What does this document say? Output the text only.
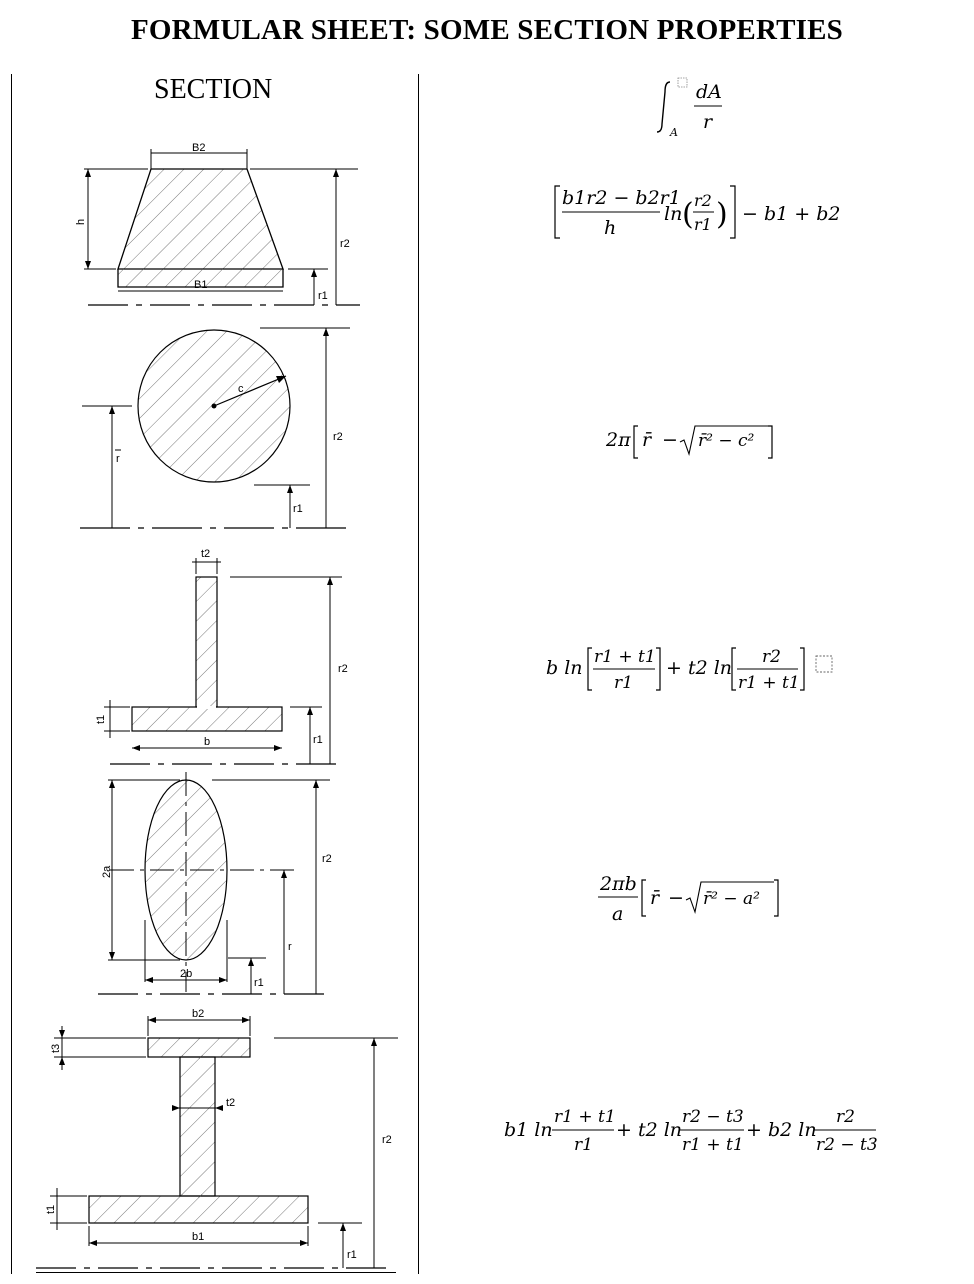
FORMULAR SHEET: SOME SECTION PROPERTIES
SECTION
A
dA
r
B2
B1
h
r2
r1
b1r2 − b2r1
h
ln ( r2
r1 ) − b1 + b2
c
r2
r
r1
2π r̄ − r̄² − c²
t2
t1
b
r2
r1
b ln r1 + t1
r1
+ t2 ln r2
r1 + t1
2a
2b
r2
r
r1
2πb
a
r̄ − r̄² − a²
b2
t3
t2
r2
t1
b1
r1
b1 ln
r1 + t1
r1
+ t2 ln
r2 − t3
r1 + t1
+ b2 ln
r2
r2 − t3
